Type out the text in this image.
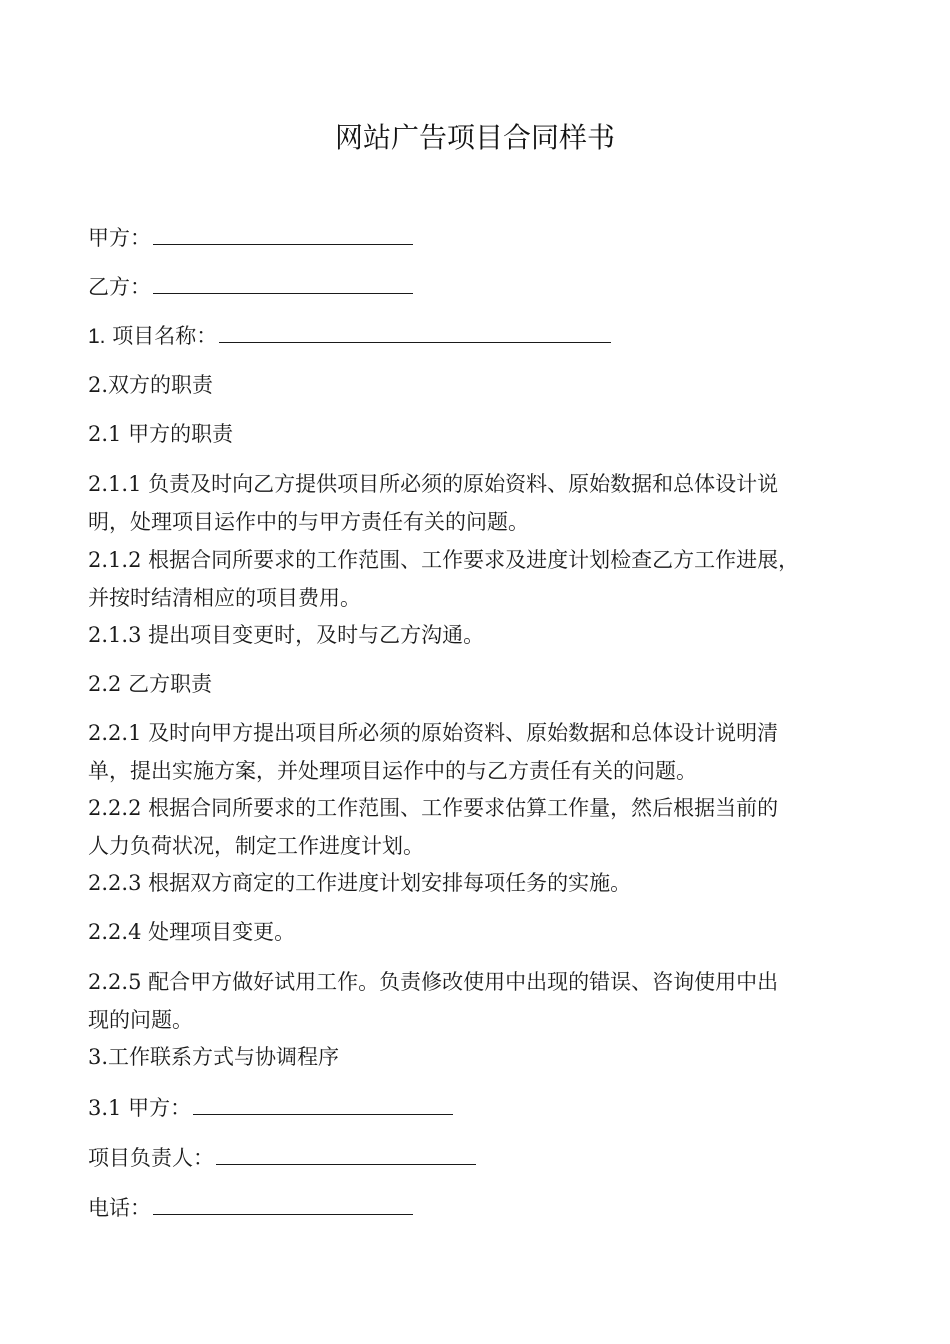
网站广告项目合同样书
甲方：
乙方：
1. 项目名称：
2.双方的职责
2.1 甲方的职责
2.1.1 负责及时向乙方提供项目所必须的原始资料、原始数据和总体设计说
明，处理项目运作中的与甲方责任有关的问题。
2.1.2 根据合同所要求的工作范围、工作要求及进度计划检查乙方工作进展，
并按时结清相应的项目费用。
2.1.3 提出项目变更时，及时与乙方沟通。
2.2 乙方职责
2.2.1 及时向甲方提出项目所必须的原始资料、原始数据和总体设计说明清
单，提出实施方案，并处理项目运作中的与乙方责任有关的问题。
2.2.2 根据合同所要求的工作范围、工作要求估算工作量，然后根据当前的
人力负荷状况，制定工作进度计划。
2.2.3 根据双方商定的工作进度计划安排每项任务的实施。
2.2.4 处理项目变更。
2.2.5 配合甲方做好试用工作。负责修改使用中出现的错误、咨询使用中出
现的问题。
3.工作联系方式与协调程序
3.1 甲方：
项目负责人：
电话：
